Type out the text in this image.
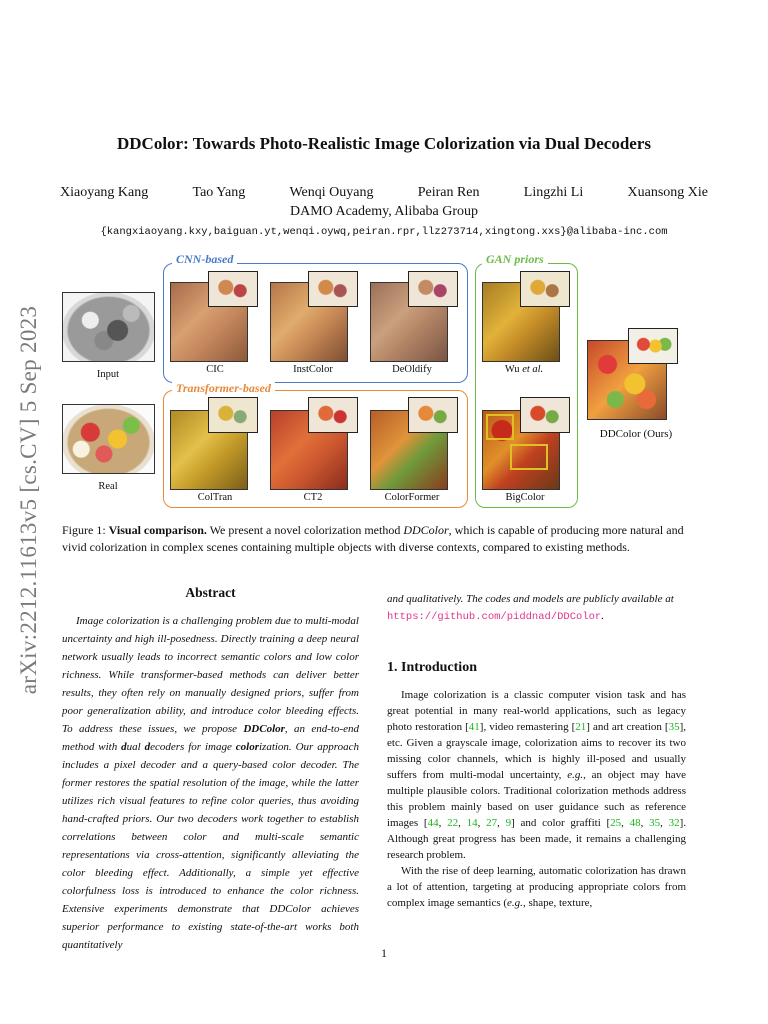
arXiv:2212.11613v5 [cs.CV] 5 Sep 2023
DDColor: Towards Photo-Realistic Image Colorization via Dual Decoders
Xiaoyang Kang	Tao Yang	Wenqi Ouyang	Peiran Ren	Lingzhi Li	Xuansong Xie
DAMO Academy, Alibaba Group
{kangxiaoyang.kxy,baiguan.yt,wenqi.oywq,peiran.rpr,llz273714,xingtong.xxs}@alibaba-inc.com
CNN-based
Transformer-based
GAN priors
Input
Real
CIC	InstColor	DeOldify
ColTran	CT2	ColorFormer
Wu et al.
BigColor
DDColor (Ours)
Figure 1: Visual comparison. We present a novel colorization method DDColor, which is capable of producing more natural and vivid colorization in complex scenes containing multiple objects with diverse contexts, compared to existing methods.
Abstract

Image colorization is a challenging problem due to multi-modal uncertainty and high ill-posedness. Directly training a deep neural network usually leads to incorrect semantic colors and low color richness. While transformer-based methods can deliver better results, they often rely on manually designed priors, suffer from poor generalization ability, and introduce color bleeding effects. To address these issues, we propose DDColor, an end-to-end method with dual decoders for image colorization. Our approach includes a pixel decoder and a query-based color decoder. The former restores the spatial resolution of the image, while the latter utilizes rich visual features to refine color queries, thus avoiding hand-crafted priors. Our two decoders work together to establish correlations between color and multi-scale semantic representations via cross-attention, significantly alleviating the color bleeding effect. Additionally, a simple yet effective colorfulness loss is introduced to enhance the color richness. Extensive experiments demonstrate that DDColor achieves superior performance to existing state-of-the-art works both quantitatively

and qualitatively. The codes and models are publicly available at https://github.com/piddnad/DDColor.
1. Introduction

Image colorization is a classic computer vision task and has great potential in many real-world applications, such as legacy photo restoration [41], video remastering [21] and art creation [35], etc. Given a grayscale image, colorization aims to recover its two missing color channels, which is highly ill-posed and usually suffers from multi-modal uncertainty, e.g., an object may have multiple plausible colors. Traditional colorization methods address this problem mainly based on user guidance such as reference images [44, 22, 14, 27, 9] and color graffiti [25, 48, 35, 32]. Although great progress has been made, it remains a challenging research problem.

With the rise of deep learning, automatic colorization has drawn a lot of attention, targeting at producing appropriate colors from complex image semantics (e.g., shape, texture,

1
